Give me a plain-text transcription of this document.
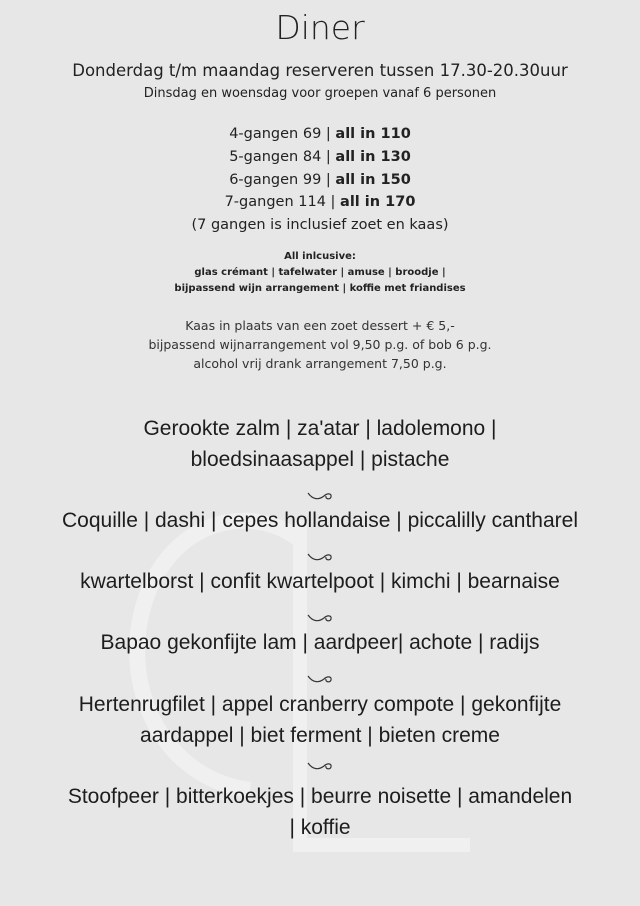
Diner
Donderdag t/m maandag reserveren tussen 17.30-20.30uur
Dinsdag en woensdag voor groepen vanaf 6 personen
4-gangen 69 | all in 110
5-gangen 84 | all in 130
6-gangen 99 | all in 150
7-gangen 114 | all in 170
(7 gangen is inclusief zoet en kaas)
All inlcusive:
glas crémant | tafelwater | amuse | broodje |
bijpassend wijn arrangement | koffie met friandises
Kaas in plaats van een zoet dessert + € 5,-
bijpassend wijnarrangement vol 9,50 p.g. of bob 6 p.g.
alcohol vrij drank arrangement 7,50 p.g.
Gerookte zalm | za'atar | ladolemono |
bloedsinaasappel | pistache
Coquille | dashi | cepes hollandaise | piccalilly cantharel
kwartelborst | confit kwartelpoot | kimchi | bearnaise
Bapao gekonfijte lam | aardpeer| achote | radijs
Hertenrugfilet | appel cranberry compote | gekonfijte
aardappel | biet ferment | bieten creme
Stoofpeer | bitterkoekjes | beurre noisette | amandelen
| koffie
